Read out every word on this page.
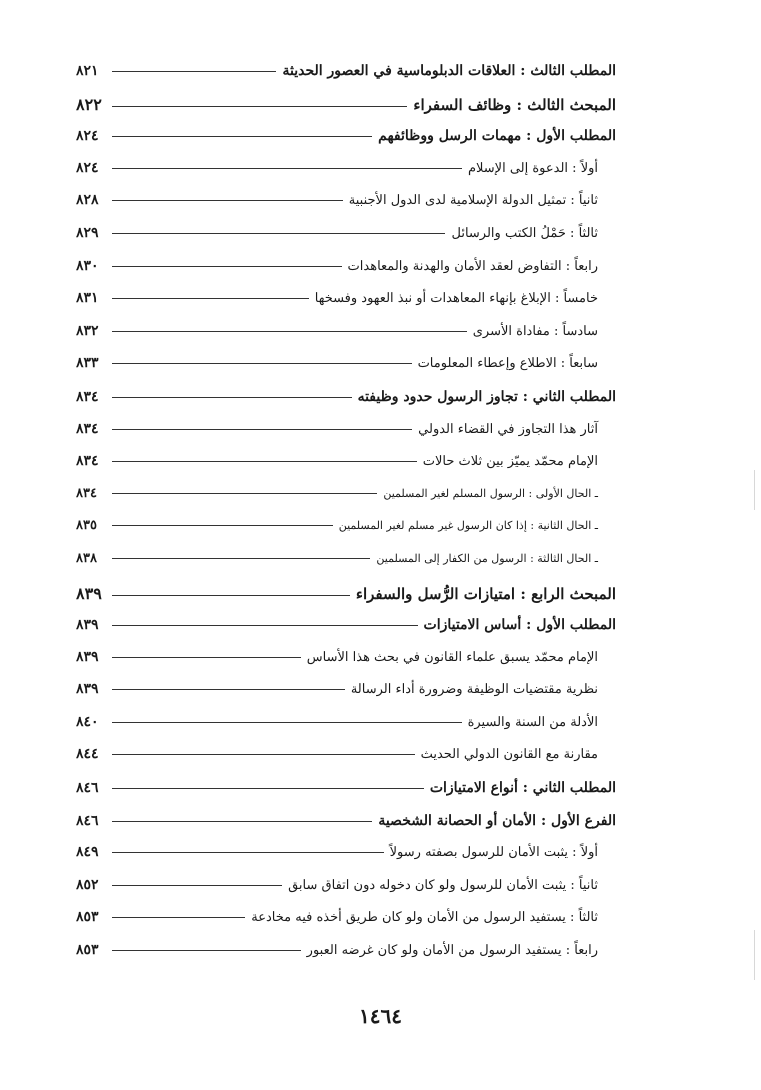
المطلب الثالث : العلاقات الدبلوماسية في العصور الحديثة
٨٢١
المبحث الثالث : وظائف السفراء
٨٢٢
المطلب الأول : مهمات الرسل ووظائفهم
٨٢٤
أولاً : الدعوة إلى الإسلام
٨٢٤
ثانياً : تمثيل الدولة الإسلامية لدى الدول الأجنبية
٨٢٨
ثالثاً : حَمْلُ الكتب والرسائل
٨٢٩
رابعاً : التفاوض لعقد الأمان والهدنة والمعاهدات
٨٣٠
خامساً : الإبلاغ بإنهاء المعاهدات أو نبذ العهود وفسخها
٨٣١
سادساً : مفاداة الأسرى
٨٣٢
سابعاً : الاطلاع وإعطاء المعلومات
٨٣٣
المطلب الثاني : تجاوز الرسول حدود وظيفته
٨٣٤
آثار هذا التجاوز في القضاء الدولي
٨٣٤
الإمام محمّد يميّز بين ثلاث حالات
٨٣٤
ـ الحال الأولى : الرسول المسلم لغير المسلمين
٨٣٤
ـ الحال الثانية : إذا كان الرسول غير مسلم لغير المسلمين
٨٣٥
ـ الحال الثالثة : الرسول من الكفار إلى المسلمين
٨٣٨
المبحث الرابع : امتيازات الرُّسل والسفراء
٨٣٩
المطلب الأول : أساس الامتيازات
٨٣٩
الإمام محمّد يسبق علماء القانون في بحث هذا الأساس
٨٣٩
نظرية مقتضيات الوظيفة وضرورة أداء الرسالة
٨٣٩
الأدلة من السنة والسيرة
٨٤٠
مقارنة مع القانون الدولي الحديث
٨٤٤
المطلب الثاني : أنواع الامتيازات
٨٤٦
الفرع الأول : الأمان أو الحصانة الشخصية
٨٤٦
أولاً : يثبت الأمان للرسول بصفته رسولاً
٨٤٩
ثانياً : يثبت الأمان للرسول ولو كان دخوله دون اتفاق سابق
٨٥٢
ثالثاً : يستفيد الرسول من الأمان ولو كان طريق أخذه فيه مخادعة
٨٥٣
رابعاً : يستفيد الرسول من الأمان ولو كان غرضه العبور
٨٥٣
١٤٦٤
